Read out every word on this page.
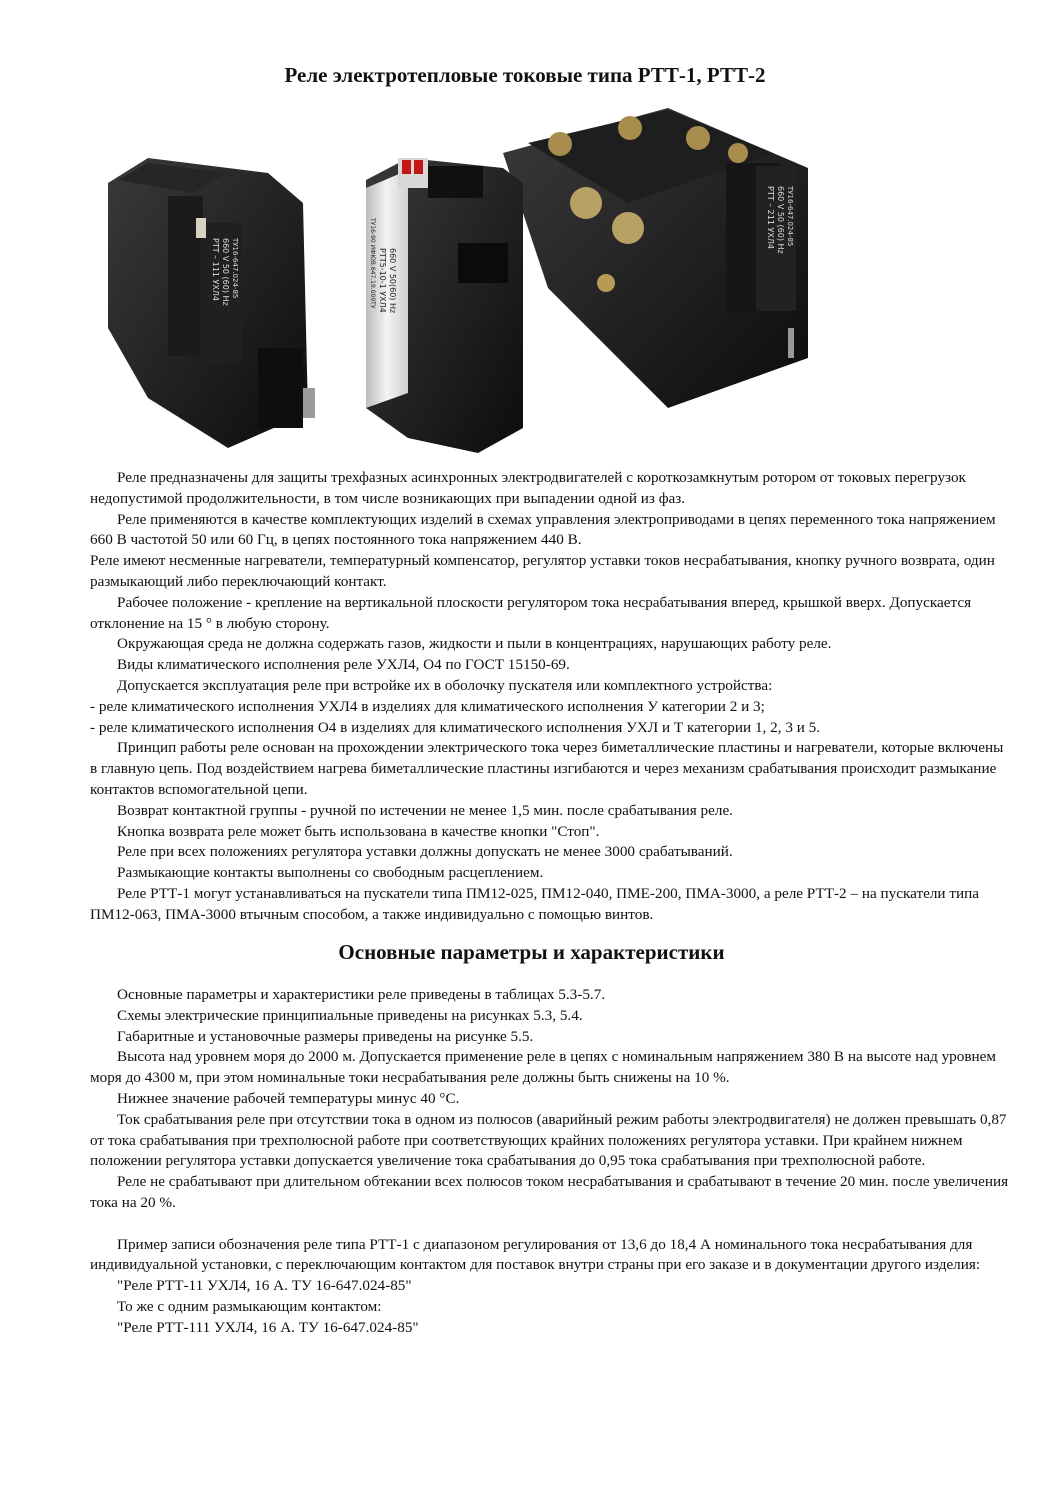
Реле электротепловые токовые типа РТТ-1, РТТ-2
РТТ – 211 УХЛ4 660 V 50 (60) Hz ТУ16-647.024-85
РТТ5-10-1 УХЛ4 660 V 50(60) Hz
ТУ16-90 ИФЮВ.647.19.009ТУ
РТТ – 111 УХЛ4 660 V 50 (60) Hz ТУ16-647.024-85

Реле предназначены для защиты трехфазных асинхронных электродвигателей с короткозамкнутым ротором от токовых перегрузок недопустимой продолжительности, в том числе возникающих при выпадении одной из фаз.

Реле применяются в качестве комплектующих изделий в схемах управления электроприводами в цепях переменного тока напряжением 660 В частотой 50 или 60 Гц, в цепях постоянного тока напряжением 440 В.

Реле имеют несменные нагреватели, температурный компенсатор, регулятор уставки токов несрабатывания, кнопку ручного возврата, один размыкающий либо переключающий контакт.

Рабочее положение - крепление на вертикальной плоскости регулятором тока несрабатывания вперед, крышкой вверх. Допускается отклонение на 15 ° в любую сторону.

Окружающая среда не должна содержать газов, жидкости и пыли в концентрациях, нарушающих работу реле.

Виды климатического исполнения реле УХЛ4, О4 по ГОСТ 15150-69.

Допускается эксплуатация реле при встройке их в оболочку пускателя или комплектного устройства:

- реле климатического исполнения УХЛ4 в изделиях для климатического исполнения У категории 2 и 3;

- реле климатического исполнения О4 в изделиях для климатического исполнения УХЛ и Т категории 1, 2, 3 и 5.

Принцип работы реле основан на прохождении электрического тока через биметаллические пластины и нагреватели, которые включены в главную цепь. Под воздействием нагрева биметаллические пластины изгибаются и через механизм срабатывания происходит размыкание контактов вспомогательной цепи.

Возврат контактной группы - ручной по истечении не менее 1,5 мин. после срабатывания реле.

Кнопка возврата реле может быть использована в качестве кнопки "Стоп".

Реле при всех положениях регулятора уставки должны допускать не менее 3000 срабатываний.

Размыкающие контакты выполнены со свободным расцеплением.

Реле РТТ-1 могут устанавливаться на пускатели типа ПМ12-025, ПМ12-040, ПМЕ-200, ПМА-3000, а реле РТТ-2 – на пускатели типа ПМ12-063, ПМА-3000 втычным способом, а также индивидуально с помощью винтов.

Основные параметры и характеристики

Основные параметры и характеристики реле приведены в таблицах 5.3-5.7.

Схемы электрические принципиальные приведены на рисунках 5.3, 5.4.

Габаритные и установочные размеры приведены на рисунке 5.5.

Высота над уровнем моря до 2000 м. Допускается применение реле в цепях с номинальным напряжением 380 В на высоте над уровнем моря до 4300 м, при этом номинальные токи несрабатывания реле должны быть снижены на 10 %.

Нижнее значение рабочей температуры минус 40 °С.

Ток срабатывания реле при отсутствии тока в одном из полюсов (аварийный режим работы электродвигателя) не должен превышать 0,87 от тока срабатывания при трехполюсной работе при соответствующих крайних положениях регулятора уставки. При крайнем нижнем положении регулятора уставки допускается увеличение тока срабатывания до 0,95 тока срабатывания при трехполюсной работе.

Реле не срабатывают при длительном обтекании всех полюсов током несрабатывания и срабатывают в течение 20 мин. после увеличения тока на 20 %.

Пример записи обозначения реле типа РТТ-1 с диапазоном регулирования от 13,6 до 18,4 А номинального тока несрабатывания для индивидуальной установки, с переключающим контактом для поставок внутри страны при его заказе и в документации другого изделия:

"Реле РТТ-11 УХЛ4, 16 А. ТУ 16-647.024-85"

То же с одним размыкающим контактом:

"Реле РТТ-111 УХЛ4, 16 А. ТУ 16-647.024-85"
